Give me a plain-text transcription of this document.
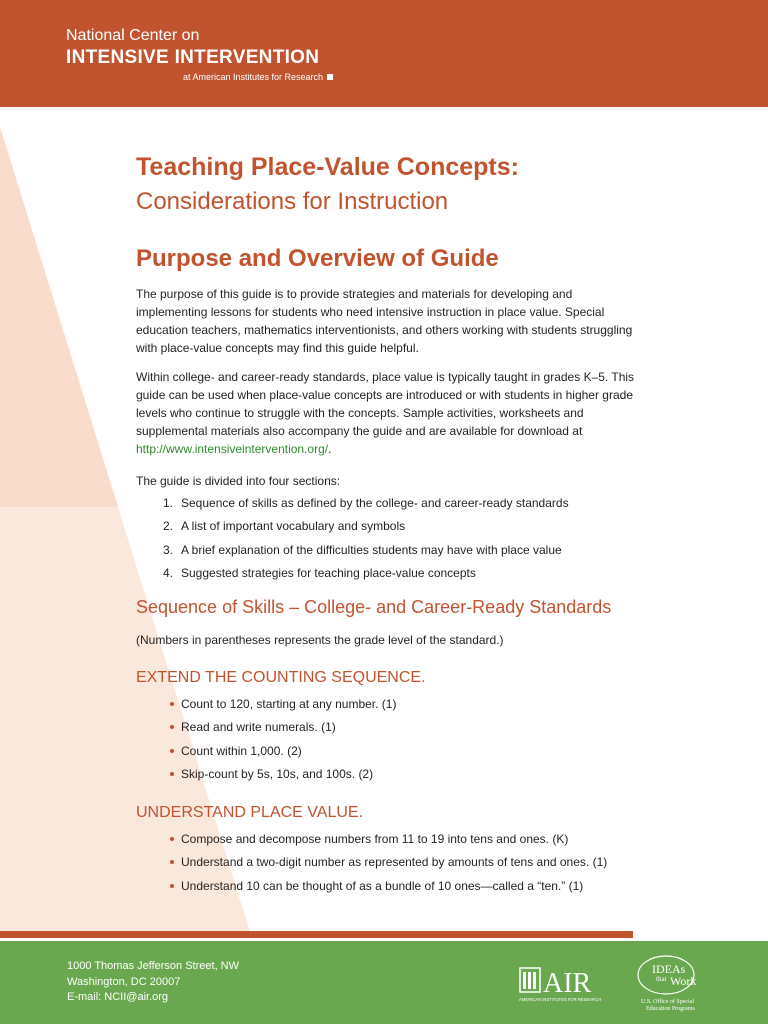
National Center on
INTENSIVE INTERVENTION
at American Institutes for Research
Teaching Place-Value Concepts:
Considerations for Instruction
Purpose and Overview of Guide
The purpose of this guide is to provide strategies and materials for developing and implementing lessons for students who need intensive instruction in place value. Special education teachers, mathematics interventionists, and others working with students struggling with place-value concepts may find this guide helpful.
Within college- and career-ready standards, place value is typically taught in grades K–5. This guide can be used when place-value concepts are introduced or with students in higher grade levels who continue to struggle with the concepts. Sample activities, worksheets and supplemental materials also accompany the guide and are available for download at http://www.intensiveintervention.org/.
The guide is divided into four sections:
1. Sequence of skills as defined by the college- and career-ready standards
2. A list of important vocabulary and symbols
3. A brief explanation of the difficulties students may have with place value
4. Suggested strategies for teaching place-value concepts
Sequence of Skills – College- and Career-Ready Standards
(Numbers in parentheses represents the grade level of the standard.)
EXTEND THE COUNTING SEQUENCE.
Count to 120, starting at any number. (1)
Read and write numerals. (1)
Count within 1,000. (2)
Skip-count by 5s, 10s, and 100s. (2)
UNDERSTAND PLACE VALUE.
Compose and decompose numbers from 11 to 19 into tens and ones. (K)
Understand a two-digit number as represented by amounts of tens and ones. (1)
Understand 10 can be thought of as a bundle of 10 ones—called a “ten.” (1)
1000 Thomas Jefferson Street, NW
Washington, DC 20007
E-mail: NCII@air.org	AIR
AMERICAN INSTITUTES FOR RESEARCH
IDEAs
that Work
U.S. Office of Special
Education Programs
